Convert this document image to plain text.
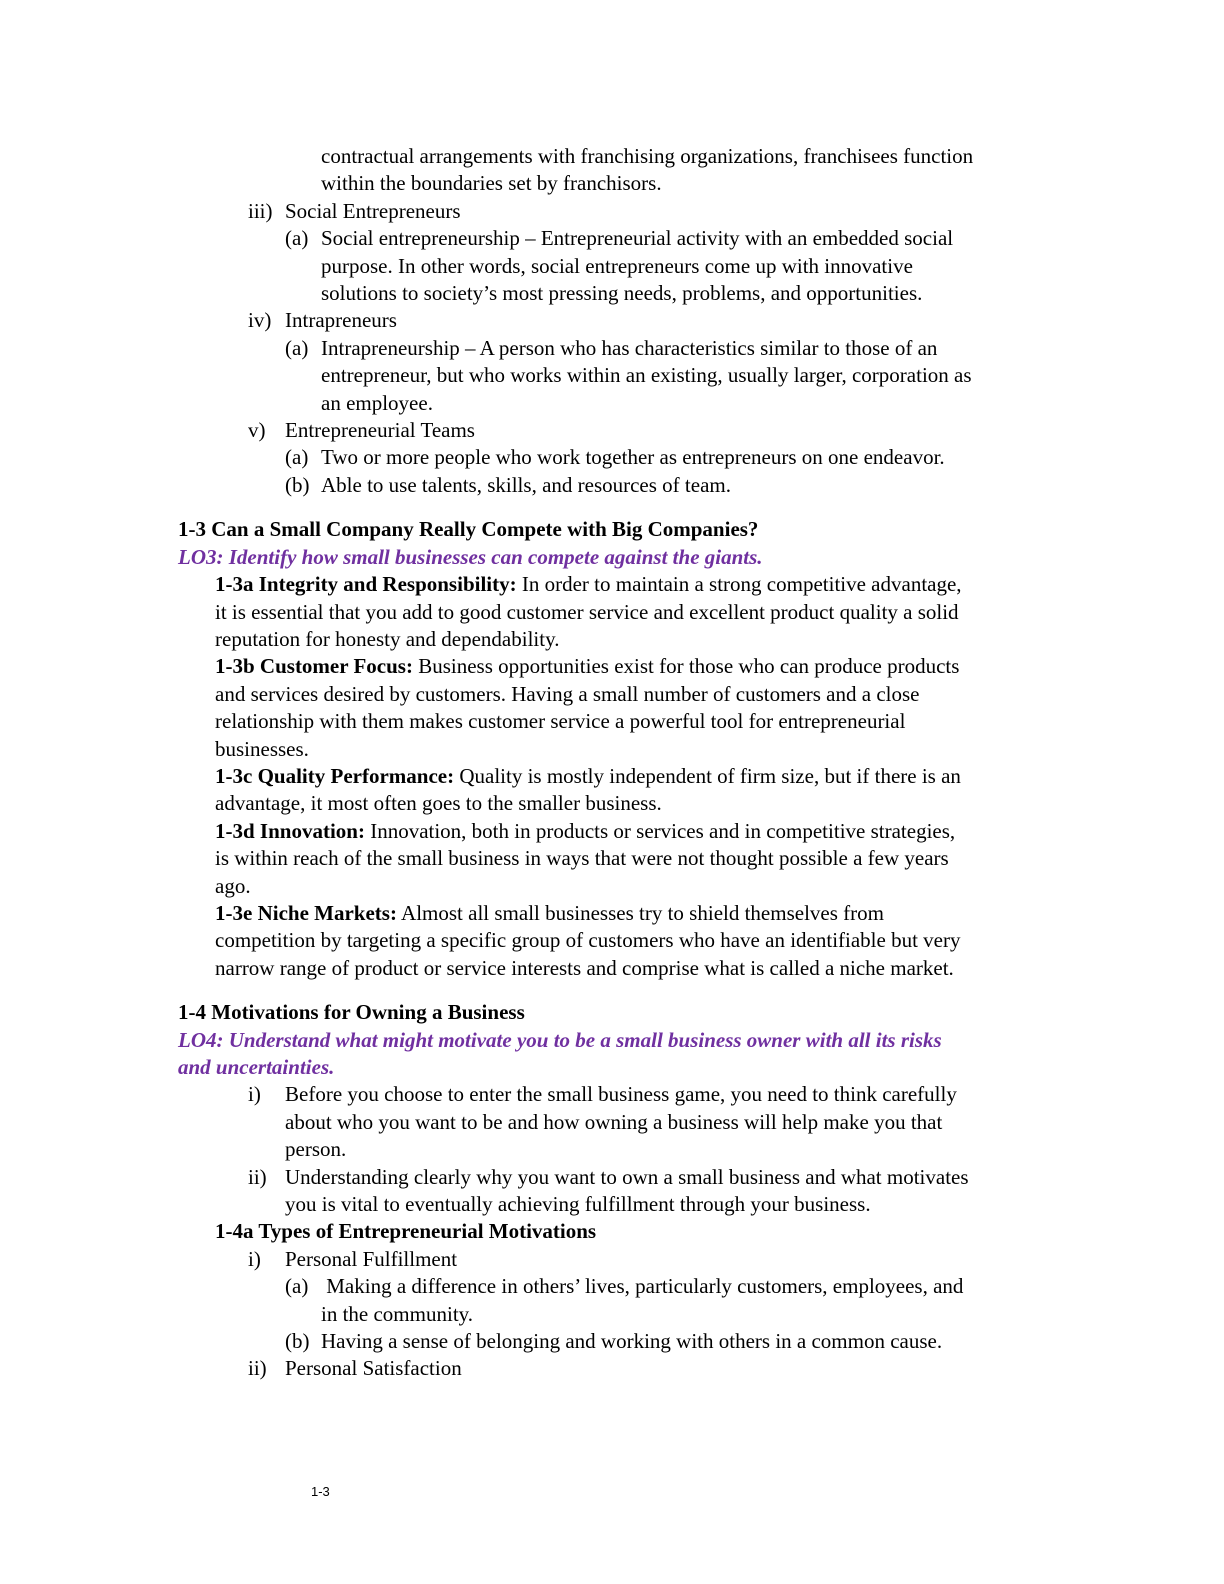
contractual arrangements with franchising organizations, franchisees function
within the boundaries set by franchisors.
iii) Social Entrepreneurs
(a) Social entrepreneurship – Entrepreneurial activity with an embedded social
purpose. In other words, social entrepreneurs come up with innovative
solutions to society’s most pressing needs, problems, and opportunities.
iv) Intrapreneurs
(a) Intrapreneurship – A person who has characteristics similar to those of an
entrepreneur, but who works within an existing, usually larger, corporation as
an employee.
v) Entrepreneurial Teams
(a) Two or more people who work together as entrepreneurs on one endeavor.
(b) Able to use talents, skills, and resources of team.
1-3 Can a Small Company Really Compete with Big Companies?
LO3: Identify how small businesses can compete against the giants.
1-3a Integrity and Responsibility: In order to maintain a strong competitive advantage,
it is essential that you add to good customer service and excellent product quality a solid
reputation for honesty and dependability.
1-3b Customer Focus: Business opportunities exist for those who can produce products
and services desired by customers. Having a small number of customers and a close
relationship with them makes customer service a powerful tool for entrepreneurial
businesses.
1-3c Quality Performance: Quality is mostly independent of firm size, but if there is an
advantage, it most often goes to the smaller business.
1-3d Innovation: Innovation, both in products or services and in competitive strategies,
is within reach of the small business in ways that were not thought possible a few years
ago.
1-3e Niche Markets: Almost all small businesses try to shield themselves from
competition by targeting a specific group of customers who have an identifiable but very
narrow range of product or service interests and comprise what is called a niche market.
1-4 Motivations for Owning a Business
LO4: Understand what might motivate you to be a small business owner with all its risks
and uncertainties.
i)	Before you choose to enter the small business game, you need to think carefully
about who you want to be and how owning a business will help make you that
person.
ii) Understanding clearly why you want to own a small business and what motivates
you is vital to eventually achieving fulfillment through your business.
1-4a Types of Entrepreneurial Motivations
i)	Personal Fulfillment
(a) Making a difference in others’ lives, particularly customers, employees, and
in the community.
(b) Having a sense of belonging and working with others in a common cause.
ii) Personal Satisfaction
1-3
